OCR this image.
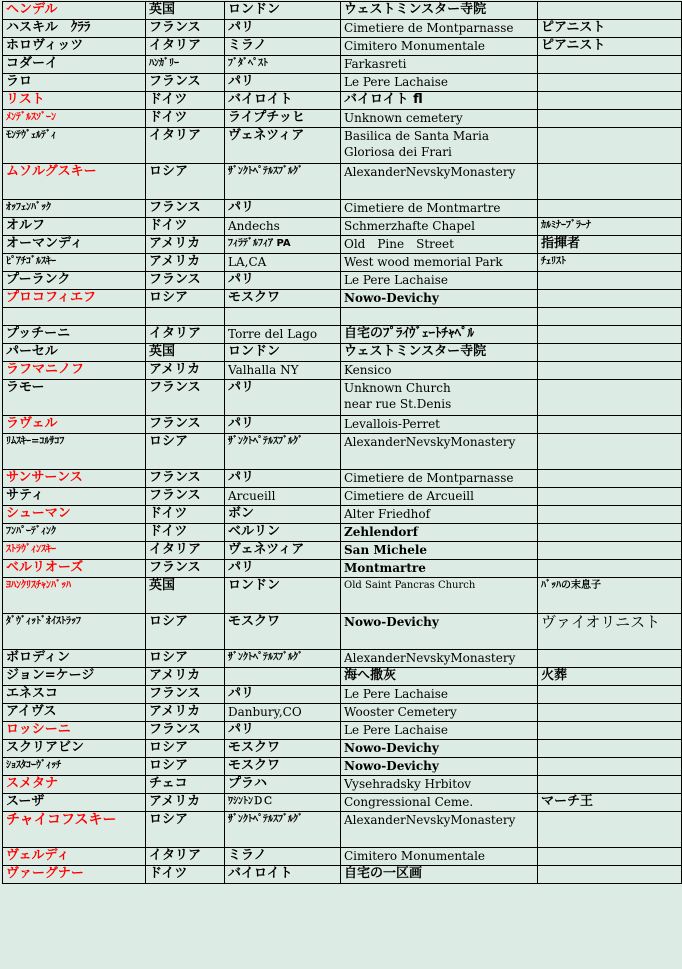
ヘンデル	英国	ロンドン	ウェストミンスター寺院	
ハスキル　ｸﾗﾗ	フランス	パリ	Cimetiere de Montparnasse	ピアニスト
ホロヴィッツ	イタリア	ミラノ	Cimitero Monumentale	ピアニスト
コダーイ	ﾊﾝｶﾞﾘｰ	ﾌﾞﾀﾞﾍﾟｽﾄ	Farkasreti	
ラロ	フランス	パリ	Le Pere Lachaise	
リスト	ドイツ	バイロイト	バイロイト fl	
ﾒﾝﾃﾞﾙｽｿﾞｰﾝ	ドイツ	ライプチッヒ	Unknown cemetery	
ﾓﾝﾃｳﾞｪﾙﾃﾞｨ	イタリア	ヴェネツィア	Basilica de Santa Maria
Gloriosa dei Frari	
ムソルグスキー	ロシア	ｻﾞﾝｸﾄﾍﾟﾃﾙｽﾌﾞﾙｸﾞ	AlexanderNevskyMonastery	
ｵｯﾌｪﾝﾊﾞｯｸ	フランス	パリ	Cimetiere de Montmartre	
オルフ	ドイツ	Andechs	Schmerzhafte Chapel	ｶﾙﾐﾅｰﾌﾞﾗｰﾅ
オーマンディ	アメリカ	ﾌｨﾗﾃﾞﾙﾌｨｱ PA	Old　Pine　Street	指揮者
ﾋﾟｱﾁｺﾞﾙｽｷｰ	アメリカ	LA,CA	West wood memorial Park	ﾁｪﾘｽﾄ
プーランク	フランス	パリ	Le Pere Lachaise	
プロコフィエフ	ロシア	モスクワ	Nowo-Devichy	

プッチーニ	イタリア	Torre del Lago	自宅のﾌﾟﾗｲｳﾞｪｰﾄﾁｬﾍﾟﾙ	
パーセル	英国	ロンドン	ウェストミンスター寺院	
ラフマニノフ	アメリカ	Valhalla NY	Kensico	
ラモー	フランス	パリ	Unknown Church
near rue St.Denis	
ラヴェル	フランス	パリ	Levallois-Perret	
ﾘﾑｽｷｰ=ｺﾙｻｺﾌ	ロシア	ｻﾞﾝｸﾄﾍﾟﾃﾙｽﾌﾞﾙｸﾞ	AlexanderNevskyMonastery	
サンサーンス	フランス	パリ	Cimetiere de Montparnasse	
サティ	フランス	Arcueill	Cimetiere de Arcueill	
シューマン	ドイツ	ボン	Alter Friedhof	
ﾌﾝﾊﾟｰﾃﾞｨﾝｸ	ドイツ	ベルリン	Zehlendorf	
ｽﾄﾗｳﾞｨﾝｽｷｰ	イタリア	ヴェネツィア	San Michele	
ベルリオーズ	フランス	パリ	Montmartre	
ﾖﾊﾝｸﾘｽﾁｬﾝﾊﾞｯﾊ	英国	ロンドン	Old Saint Pancras Church	ﾊﾞｯﾊの末息子
ﾀﾞｳﾞｨｯﾄﾞｵｲｽﾄﾗｯﾌ	ロシア	モスクワ	Nowo-Devichy	ヴァイオリニスト
ボロディン	ロシア	ｻﾞﾝｸﾄﾍﾟﾃﾙｽﾌﾞﾙｸﾞ	AlexanderNevskyMonastery	
ジョン=ケージ	アメリカ		海へ撒灰	火葬
エネスコ	フランス	パリ	Le Pere Lachaise	
アイヴス	アメリカ	Danbury,CO	Wooster Cemetery	
ロッシーニ	フランス	パリ	Le Pere Lachaise	
スクリアビン	ロシア	モスクワ	Nowo-Devichy	
ｼｮｽﾀｺｰｳﾞｨｯﾁ	ロシア	モスクワ	Nowo-Devichy	
スメタナ	チェコ	プラハ	Vysehradsky Hrbitov	
スーザ	アメリカ	ﾜｼﾝﾄﾝＤＣ	Congressional Ceme.	マーチ王
チャイコフスキー	ロシア	ｻﾞﾝｸﾄﾍﾟﾃﾙｽﾌﾞﾙｸﾞ	AlexanderNevskyMonastery	
ヴェルディ	イタリア	ミラノ	Cimitero Monumentale	
ヴァーグナー	ドイツ	バイロイト	自宅の一区画	
